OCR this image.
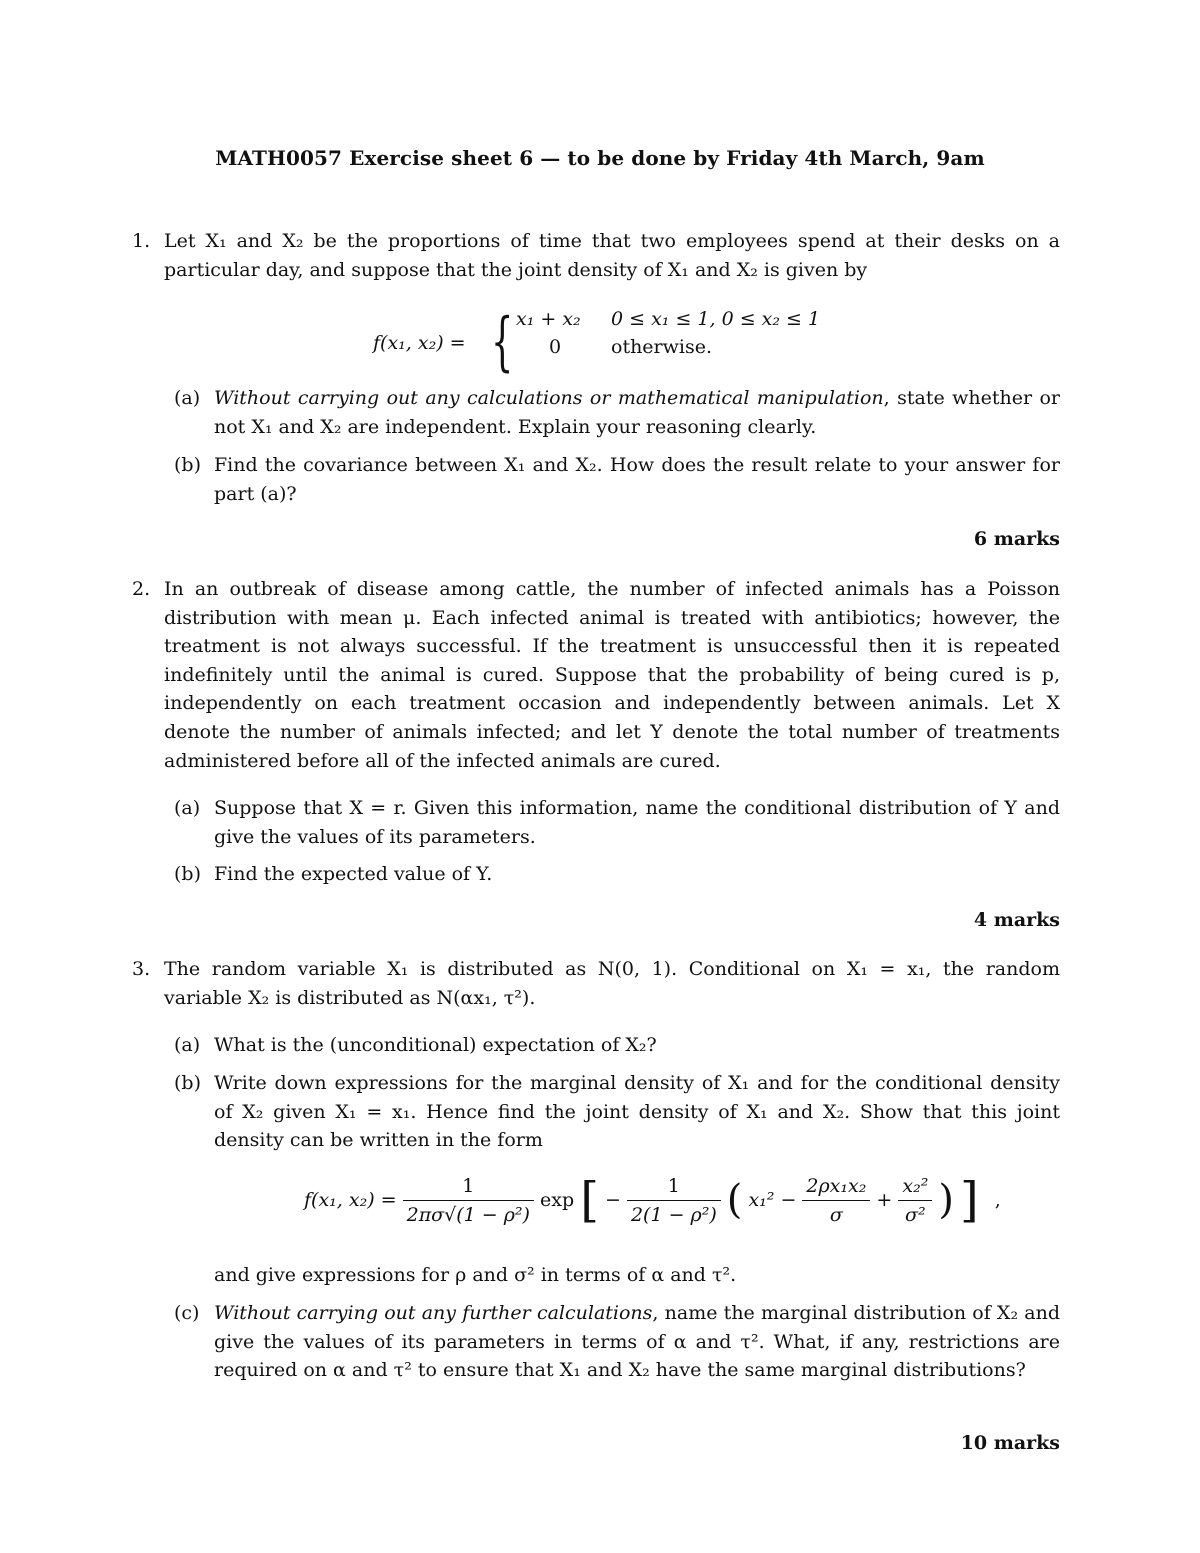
MATH0057 Exercise sheet 6 — to be done by Friday 4th March, 9am
1. Let X₁ and X₂ be the proportions of time that two employees spend at their desks on a particular day, and suppose that the joint density of X₁ and X₂ is given by
f(x₁, x₂) = { x₁ + x₂ 0 ≤ x₁ ≤ 1, 0 ≤ x₂ ≤ 1
0	otherwise.
(a) Without carrying out any calculations or mathematical manipulation, state whether or not X₁ and X₂ are independent. Explain your reasoning clearly.
(b) Find the covariance between X₁ and X₂. How does the result relate to your answer for part (a)?
6 marks
2. In an outbreak of disease among cattle, the number of infected animals has a Poisson distribution with mean μ. Each infected animal is treated with antibiotics; however, the treatment is not always successful. If the treatment is unsuccessful then it is repeated indefinitely until the animal is cured. Suppose that the probability of being cured is p, independently on each treatment occasion and independently between animals. Let X denote the number of animals infected; and let Y denote the total number of treatments administered before all of the infected animals are cured.
(a) Suppose that X = r. Given this information, name the conditional distribution of Y and give the values of its parameters.
(b) Find the expected value of Y.
4 marks
3. The random variable X₁ is distributed as N(0, 1). Conditional on X₁ = x₁, the random variable X₂ is distributed as N(αx₁, τ²).
(a) What is the (unconditional) expectation of X₂?
(b) Write down expressions for the marginal density of X₁ and for the conditional density of X₂ given X₁ = x₁. Hence find the joint density of X₁ and X₂. Show that this joint density can be written in the form
f(x₁, $x_2) = \frac{1}{\text{2πσ√(1 − ρ²)}}$ exp [ − $\frac{1}{\text{2(1 − ρ²)}}$ ( $x_1^2 - \frac{\text{2ρx₁x₂}}{\sigma} + \frac{\text{x₂²}}{\text{σ²}}$ ) ] ,
and give expressions for ρ and σ² in terms of α and τ².
(c) Without carrying out any further calculations, name the marginal distribution of X₂ and give the values of its parameters in terms of α and τ². What, if any, restrictions are required on α and τ² to ensure that X₁ and X₂ have the same marginal distributions?
10 marks
